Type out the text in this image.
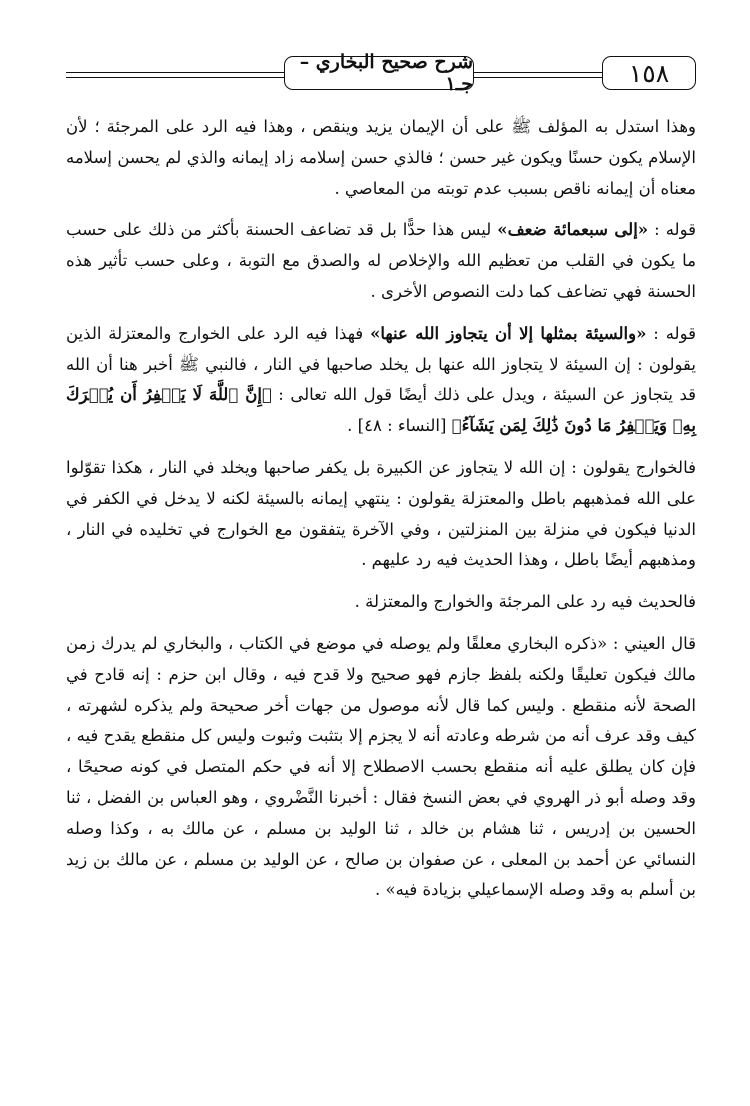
١٥٨
شرح صحيح البخاري – جـ١

وهذا استدل به المؤلف ﷺ على أن الإيمان يزيد وينقص ، وهذا فيه الرد على المرجئة ؛ لأن الإسلام يكون حسنًا ويكون غير حسن ؛ فالذي حسن إسلامه زاد إيمانه والذي لم يحسن إسلامه معناه أن إيمانه ناقص بسبب عدم توبته من المعاصي .

قوله : «إلى سبعمائة ضعف» ليس هذا حدًّا بل قد تضاعف الحسنة بأكثر من ذلك على حسب ما يكون في القلب من تعظيم الله والإخلاص له والصدق مع التوبة ، وعلى حسب تأثير هذه الحسنة فهي تضاعف كما دلت النصوص الأخرى .

قوله : «والسيئة بمثلها إلا أن يتجاوز الله عنها» فهذا فيه الرد على الخوارج والمعتزلة الذين يقولون : إن السيئة لا يتجاوز الله عنها بل يخلد صاحبها في النار ، فالنبي ﷺ أخبر هنا أن الله قد يتجاوز عن السيئة ، ويدل على ذلك أيضًا قول الله تعالى : ﴿إِنَّ ٱللَّهَ لَا يَغۡفِرُ أَن يُشۡرَكَ بِهِۦ وَيَغۡفِرُ مَا دُونَ ذَٰلِكَ لِمَن يَشَآءُ﴾ [النساء : ٤٨] .

فالخوارج يقولون : إن الله لا يتجاوز عن الكبيرة بل يكفر صاحبها ويخلد في النار ، هكذا تقوّلوا على الله فمذهبهم باطل والمعتزلة يقولون : ينتهي إيمانه بالسيئة لكنه لا يدخل في الكفر في الدنيا فيكون في منزلة بين المنزلتين ، وفي الآخرة يتفقون مع الخوارج في تخليده في النار ، ومذهبهم أيضًا باطل ، وهذا الحديث فيه رد عليهم .

فالحديث فيه رد على المرجئة والخوارج والمعتزلة .

قال العيني : «ذكره البخاري معلقًا ولم يوصله في موضع في الكتاب ، والبخاري لم يدرك زمن مالك فيكون تعليقًا ولكنه بلفظ جازم فهو صحيح ولا قدح فيه ، وقال ابن حزم : إنه قادح في الصحة لأنه منقطع . وليس كما قال لأنه موصول من جهات أخر صحيحة ولم يذكره لشهرته ، كيف وقد عرف أنه من شرطه وعادته أنه لا يجزم إلا بتثبت وثبوت وليس كل منقطع يقدح فيه ، فإن كان يطلق عليه أنه منقطع بحسب الاصطلاح إلا أنه في حكم المتصل في كونه صحيحًا ، وقد وصله أبو ذر الهروي في بعض النسخ فقال : أخبرنا النَّضْروي ، وهو العباس بن الفضل ، ثنا الحسين بن إدريس ، ثنا هشام بن خالد ، ثنا الوليد بن مسلم ، عن مالك به ، وكذا وصله النسائي عن أحمد بن المعلى ، عن صفوان بن صالح ، عن الوليد بن مسلم ، عن مالك بن زيد بن أسلم به وقد وصله الإسماعيلي بزيادة فيه» .
